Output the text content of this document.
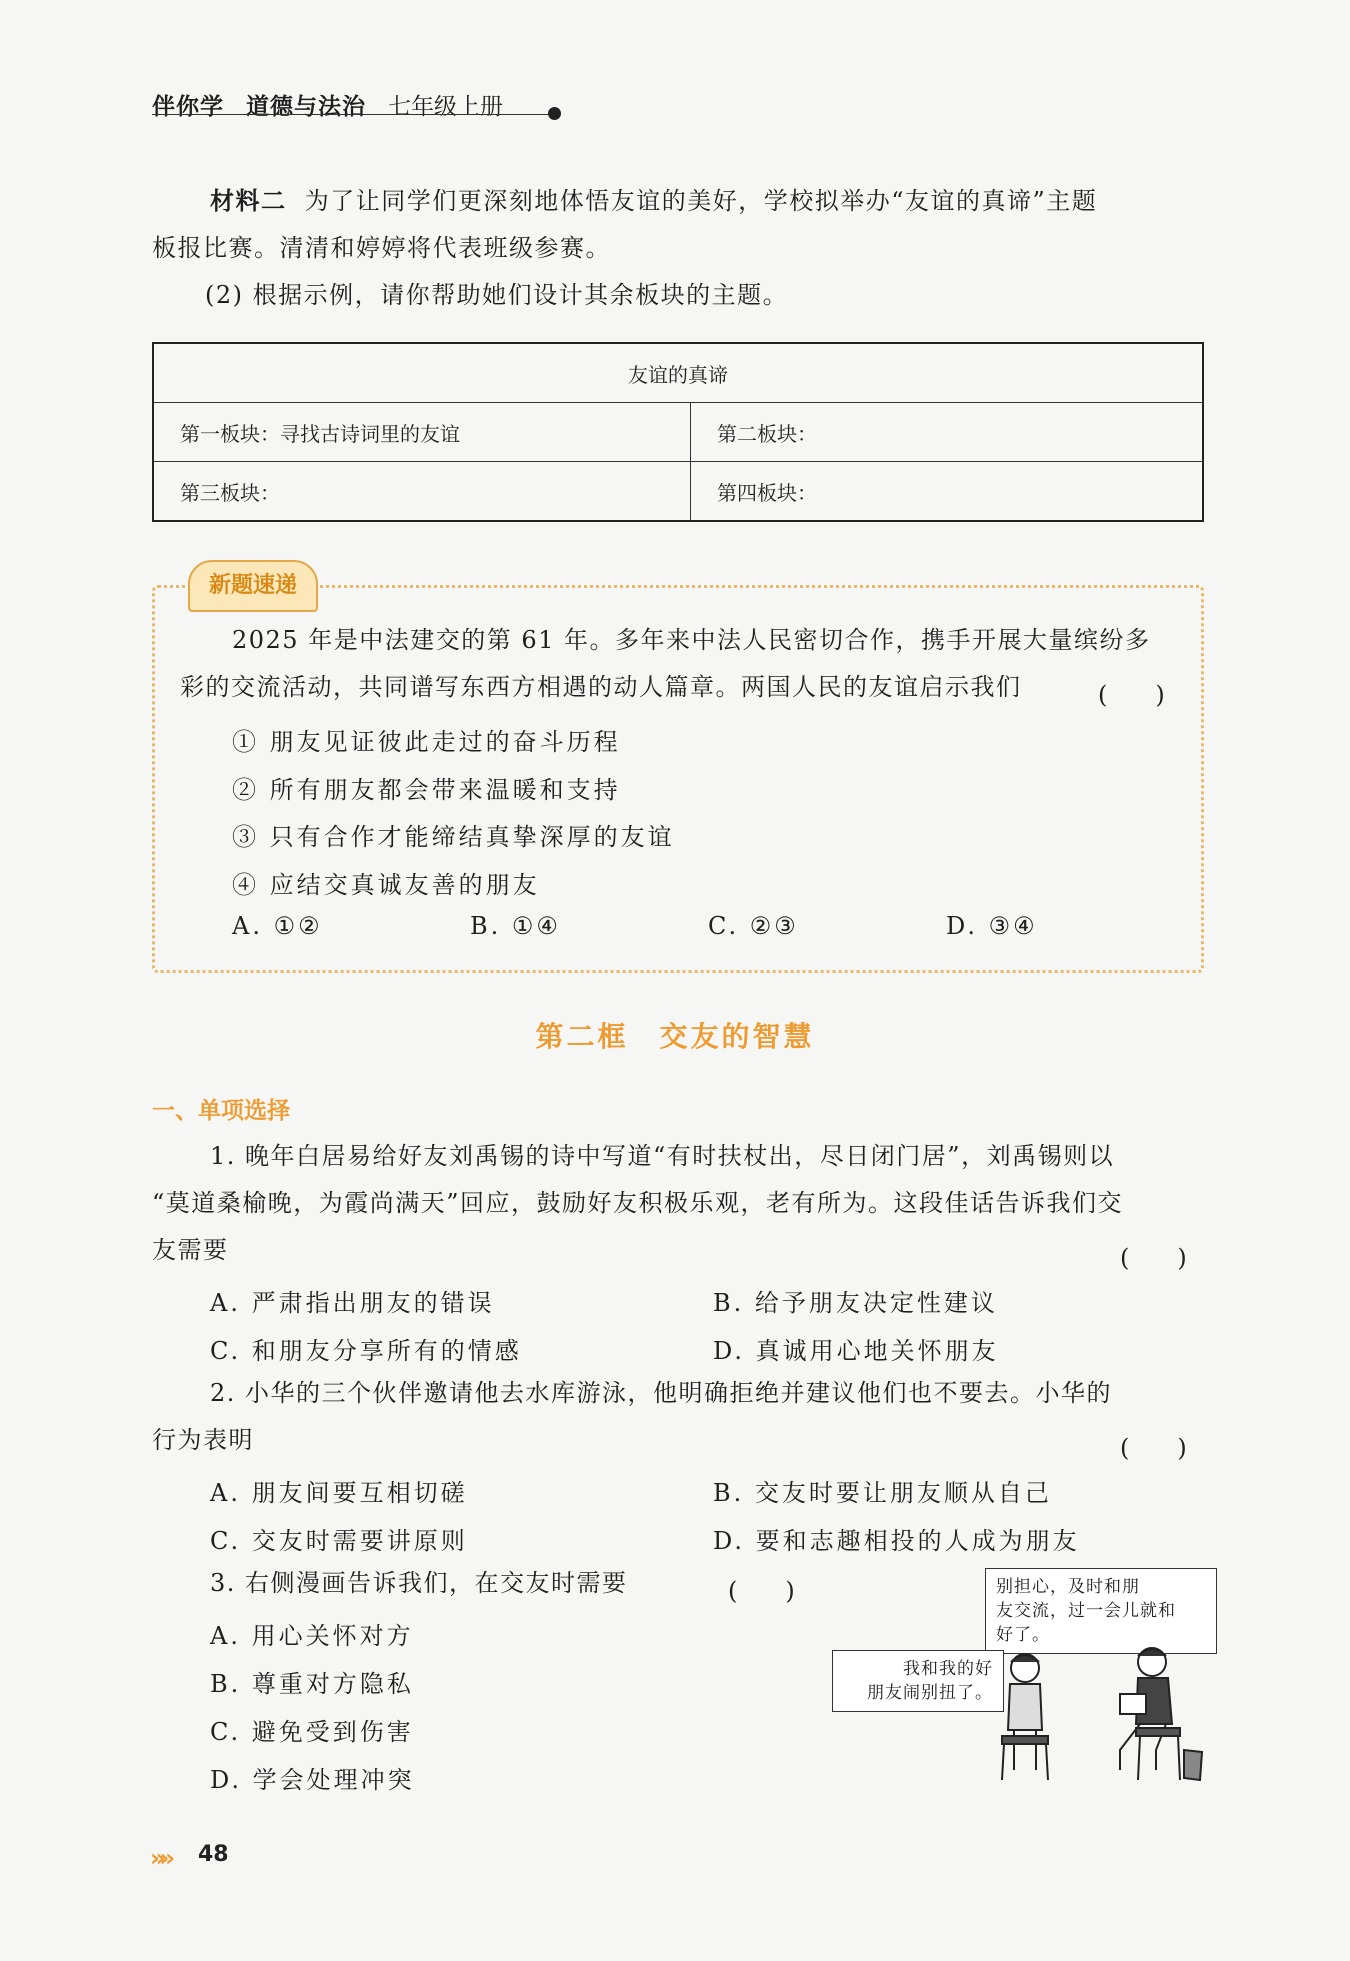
伴你学 道德与法治 七年级上册
材料二 为了让同学们更深刻地体悟友谊的美好，学校拟举办“友谊的真谛”主题
板报比赛。清清和婷婷将代表班级参赛。
(2) 根据示例，请你帮助她们设计其余板块的主题。
友谊的真谛	
第一板块：寻找古诗词里的友谊	第二板块：
第三板块：	第四板块：
新题速递
2025 年是中法建交的第 61 年。多年来中法人民密切合作，携手开展大量缤纷多
彩的交流活动，共同谱写东西方相遇的动人篇章。两国人民的友谊启示我们	(　　)
① 朋友见证彼此走过的奋斗历程
② 所有朋友都会带来温暖和支持
③ 只有合作才能缔结真挚深厚的友谊
④ 应结交真诚友善的朋友
A. ①②	B. ①④	C. ②③	D. ③④
第二框　交友的智慧
一、单项选择
1. 晚年白居易给好友刘禹锡的诗中写道“有时扶杖出，尽日闭门居”，刘禹锡则以
“莫道桑榆晚，为霞尚满天”回应，鼓励好友积极乐观，老有所为。这段佳话告诉我们交
友需要	(　　)
A. 严肃指出朋友的错误	B. 给予朋友决定性建议
C. 和朋友分享所有的情感	D. 真诚用心地关怀朋友
2. 小华的三个伙伴邀请他去水库游泳，他明确拒绝并建议他们也不要去。小华的
行为表明	(　　)
A. 朋友间要互相切磋	B. 交友时要让朋友顺从自己
C. 交友时需要讲原则	D. 要和志趣相投的人成为朋友
3. 右侧漫画告诉我们，在交友时需要	(　　)
A. 用心关怀对方
B. 尊重对方隐私
C. 避免受到伤害
D. 学会处理冲突
别担心，及时和朋
友交流，过一会儿就和
好了。
我和我的好
朋友闹别扭了。
»» 48
